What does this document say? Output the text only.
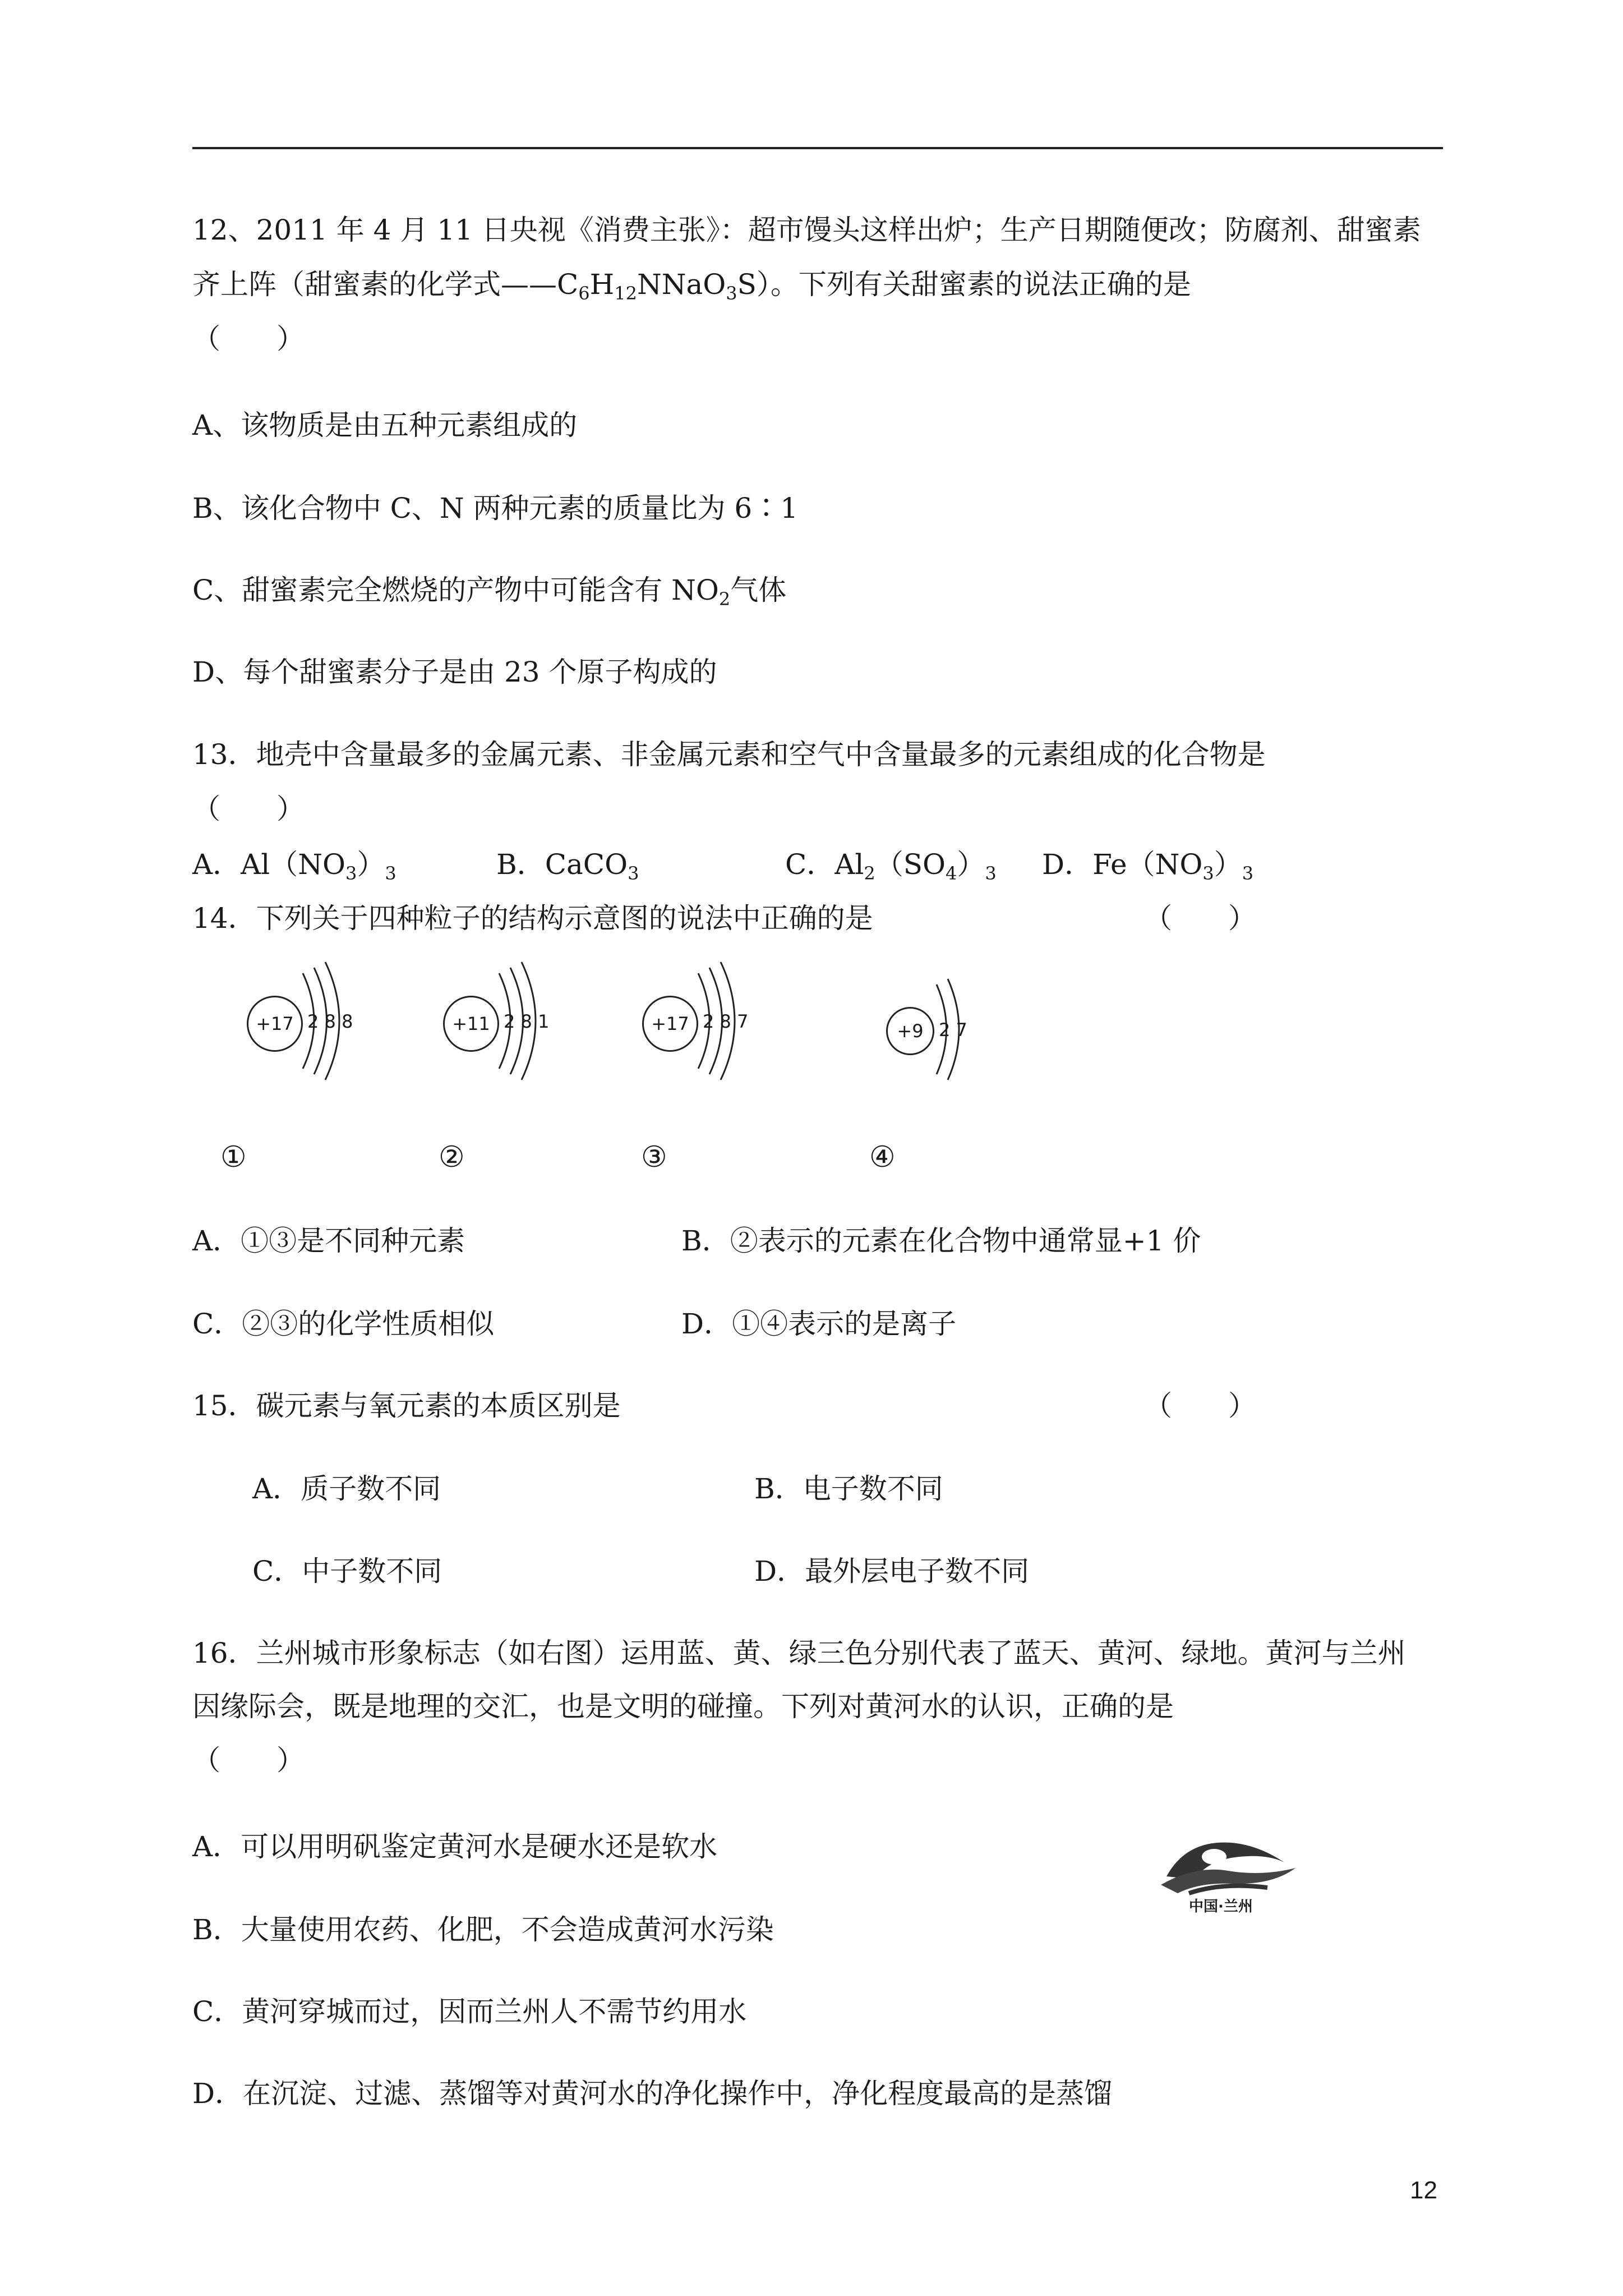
12、2011 年 4 月 11 日央视《消费主张》：超市馒头这样出炉；生产日期随便改；防腐剂、甜蜜素
齐上阵（甜蜜素的化学式$——C_6H_{12}NNaO_3S$）。下列有关甜蜜素的说法正确的是
（　　）
A、该物质是由五种元素组成的
B、该化合物中 C、N 两种元素的质量比为 6∶1
C、甜蜜素完全燃烧的产物中可能含有 $NO_2$气体
D、每个甜蜜素分子是由 23 个原子构成的
13．地壳中含量最多的金属元素、非金属元素和空气中含量最多的元素组成的化合物是
（　　）
A．$Al(NO_3)_3$	B．CaCO$_3$	C．$Al_2(SO_4)_3$ D．$Fe(NO_3)_3$
14．下列关于四种粒子的结构示意图的说法中正确的是	（　　）
+17 2 8 8
①
+11 2 8 1
②
+17 2 8 7
③
+9 2 7
④
A．①③是不同种元素	B．②表示的元素在化合物中通常显+1 价
C．②③的化学性质相似	D．①④表示的是离子
15．碳元素与氧元素的本质区别是	（　　）
A．质子数不同	B．电子数不同
C．中子数不同	D．最外层电子数不同
16．兰州城市形象标志（如右图）运用蓝、黄、绿三色分别代表了蓝天、黄河、绿地。黄河与兰州
因缘际会，既是地理的交汇，也是文明的碰撞。下列对黄河水的认识，正确的是
（　　）
A．可以用明矾鉴定黄河水是硬水还是软水
B．大量使用农药、化肥，不会造成黄河水污染
C．黄河穿城而过，因而兰州人不需节约用水
D．在沉淀、过滤、蒸馏等对黄河水的净化操作中，净化程度最高的是蒸馏
中国·兰州
12
